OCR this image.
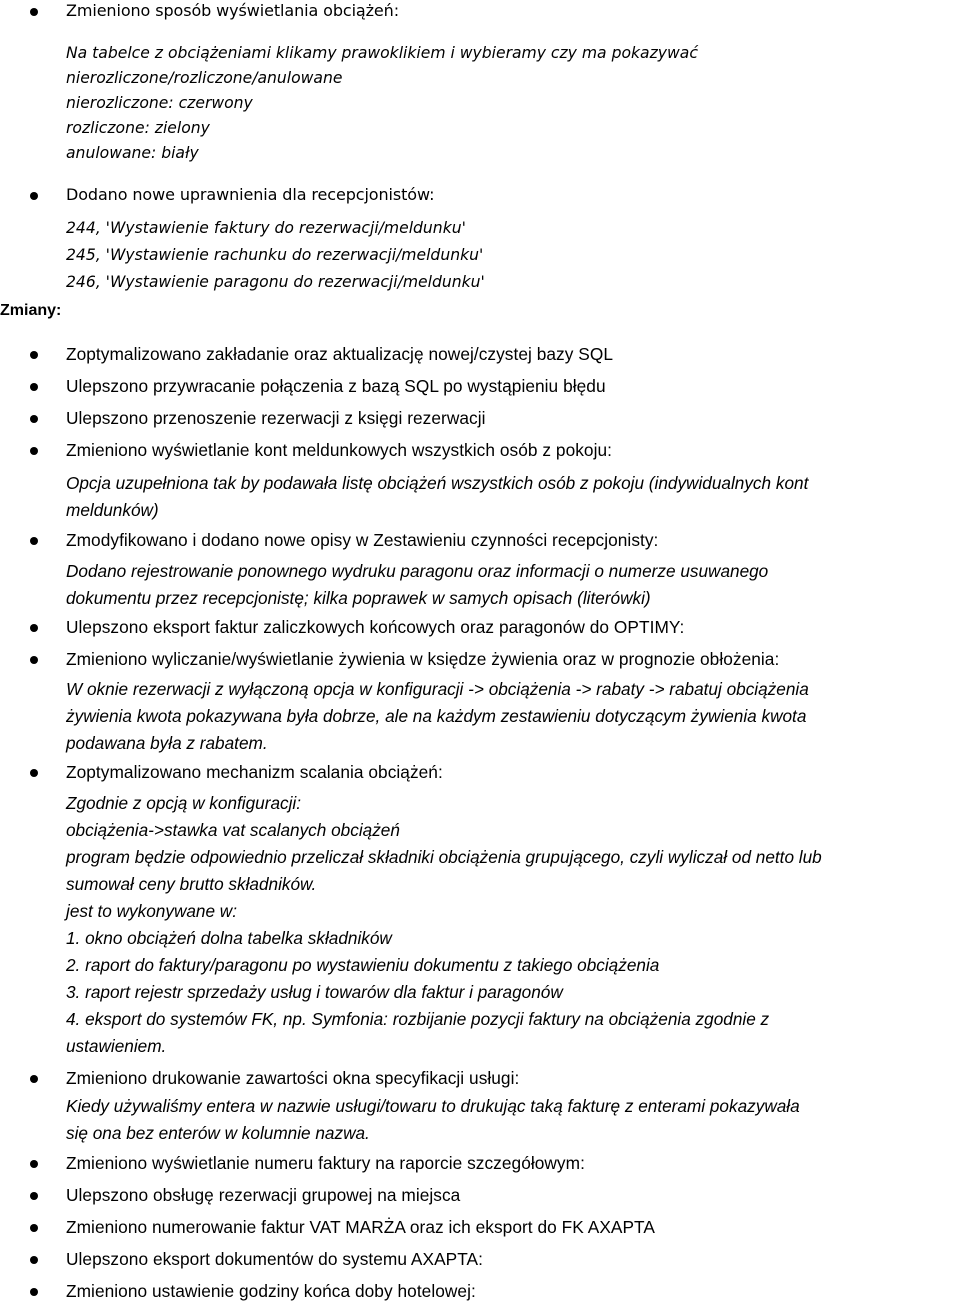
Zmieniono sposób wyświetlania obciążeń:
Na tabelce z obciążeniami klikamy prawoklikiem i wybieramy czy ma pokazywać
nierozliczone/rozliczone/anulowane
nierozliczone: czerwony
rozliczone: zielony
anulowane: biały
Dodano nowe uprawnienia dla recepcjonistów:
244, 'Wystawienie faktury do rezerwacji/meldunku'
245, 'Wystawienie rachunku do rezerwacji/meldunku'
246, 'Wystawienie paragonu do rezerwacji/meldunku'
Zmiany:
Zoptymalizowano zakładanie oraz aktualizację nowej/czystej bazy SQL
Ulepszono przywracanie połączenia z bazą SQL po wystąpieniu błędu
Ulepszono przenoszenie rezerwacji z księgi rezerwacji
Zmieniono wyświetlanie kont meldunkowych wszystkich osób z pokoju:
Opcja uzupełniona tak by podawała listę obciążeń wszystkich osób z pokoju (indywidualnych kont
meldunków)
Zmodyfikowano i dodano nowe opisy w Zestawieniu czynności recepcjonisty:
Dodano rejestrowanie ponownego wydruku paragonu oraz informacji o numerze usuwanego
dokumentu przez recepcjonistę; kilka poprawek w samych opisach (literówki)
Ulepszono eksport faktur zaliczkowych końcowych oraz paragonów do OPTIMY:
Zmieniono wyliczanie/wyświetlanie żywienia w księdze żywienia oraz w prognozie obłożenia:
W oknie rezerwacji z wyłączoną opcja w konfiguracji -> obciążenia -> rabaty -> rabatuj obciążenia
żywienia kwota pokazywana była dobrze, ale na każdym zestawieniu dotyczącym żywienia kwota
podawana była z rabatem.
Zoptymalizowano mechanizm scalania obciążeń:
Zgodnie z opcją w konfiguracji:
obciążenia->stawka vat scalanych obciążeń
program będzie odpowiednio przeliczał składniki obciążenia grupującego, czyli wyliczał od netto lub
sumował ceny brutto składników.
jest to wykonywane w:
1. okno obciążeń dolna tabelka składników
2. raport do faktury/paragonu po wystawieniu dokumentu z takiego obciążenia
3. raport rejestr sprzedaży usług i towarów dla faktur i paragonów
4. eksport do systemów FK, np. Symfonia: rozbijanie pozycji faktury na obciążenia zgodnie z
ustawieniem.
Zmieniono drukowanie zawartości okna specyfikacji usługi:
Kiedy używaliśmy entera w nazwie usługi/towaru to drukując taką fakturę z enterami pokazywała
się ona bez enterów w kolumnie nazwa.
Zmieniono wyświetlanie numeru faktury na raporcie szczegółowym:
Ulepszono obsługę rezerwacji grupowej na miejsca
Zmieniono numerowanie faktur VAT MARŻA oraz ich eksport do FK AXAPTA
Ulepszono eksport dokumentów do systemu AXAPTA:
Zmieniono ustawienie godziny końca doby hotelowej:
